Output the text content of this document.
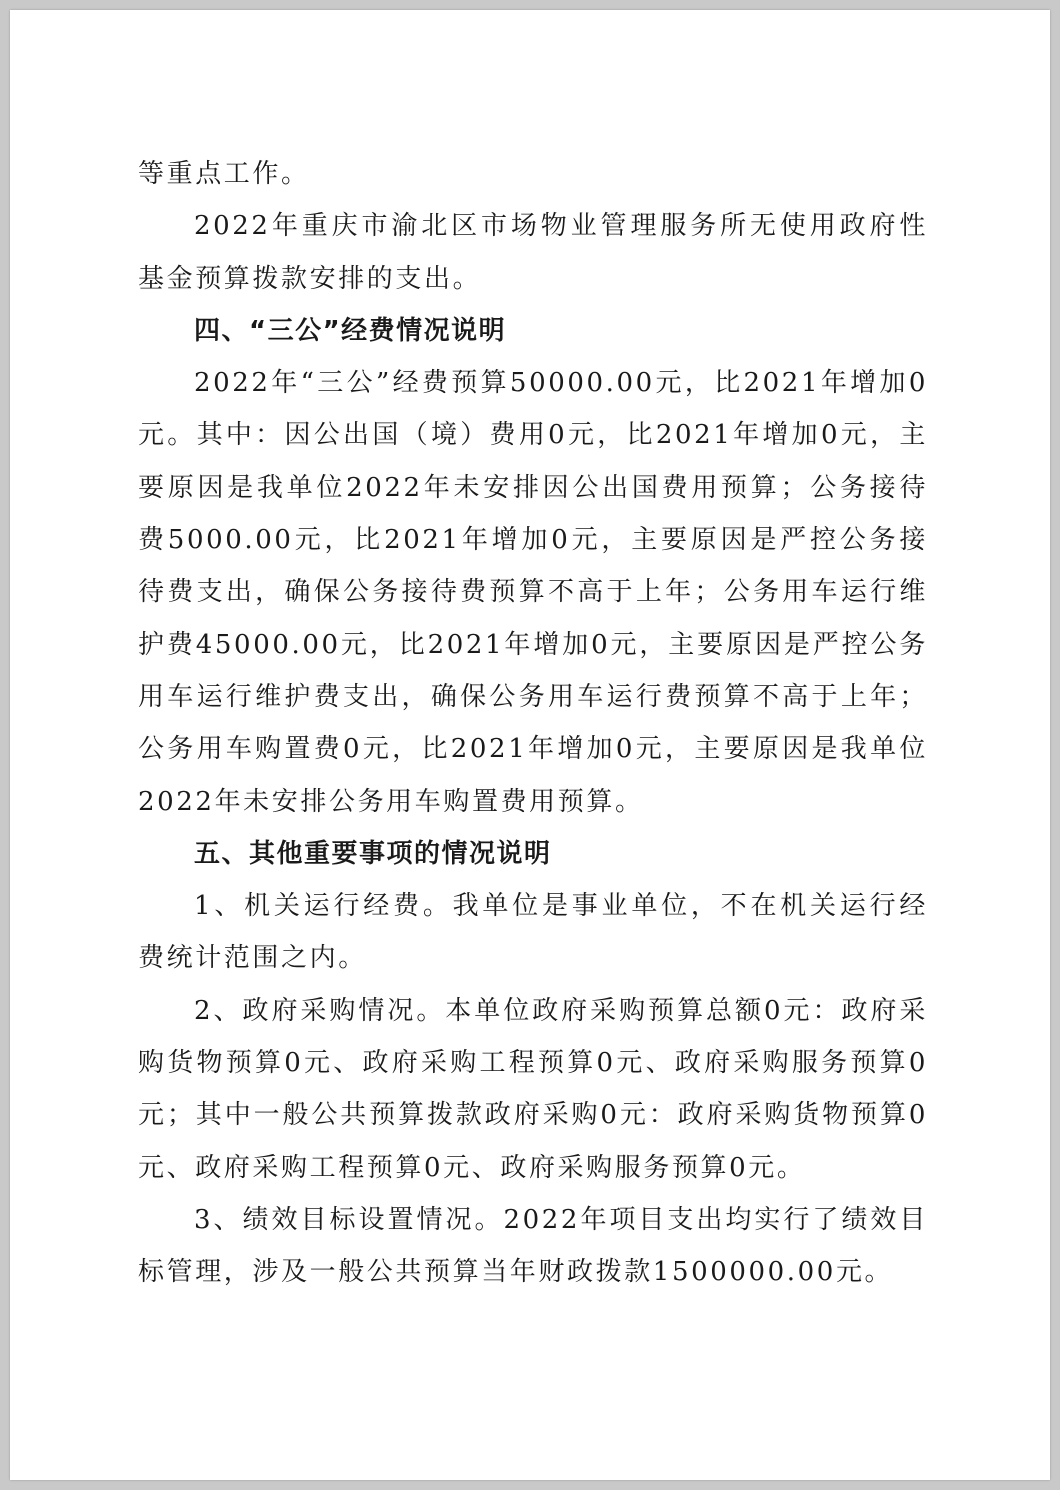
等重点工作。

2022年重庆市渝北区市场物业管理服务所无使用政府性基金预算拨款安排的支出。

四、“三公”经费情况说明

2022年“三公”经费预算50000.00元，比2021年增加0元。其中：因公出国（境）费用0元，比2021年增加0元，主要原因是我单位2022年未安排因公出国费用预算；公务接待费5000.00元，比2021年增加0元，主要原因是严控公务接待费支出，确保公务接待费预算不高于上年；公务用车运行维护费45000.00元，比2021年增加0元，主要原因是严控公务用车运行维护费支出，确保公务用车运行费预算不高于上年；公务用车购置费0元，比2021年增加0元，主要原因是我单位2022年未安排公务用车购置费用预算。

五、其他重要事项的情况说明

1、机关运行经费。我单位是事业单位，不在机关运行经费统计范围之内。

2、政府采购情况。本单位政府采购预算总额0元：政府采购货物预算0元、政府采购工程预算0元、政府采购服务预算0元；其中一般公共预算拨款政府采购0元：政府采购货物预算0元、政府采购工程预算0元、政府采购服务预算0元。

3、绩效目标设置情况。2022年项目支出均实行了绩效目标管理，涉及一般公共预算当年财政拨款1500000.00元。
